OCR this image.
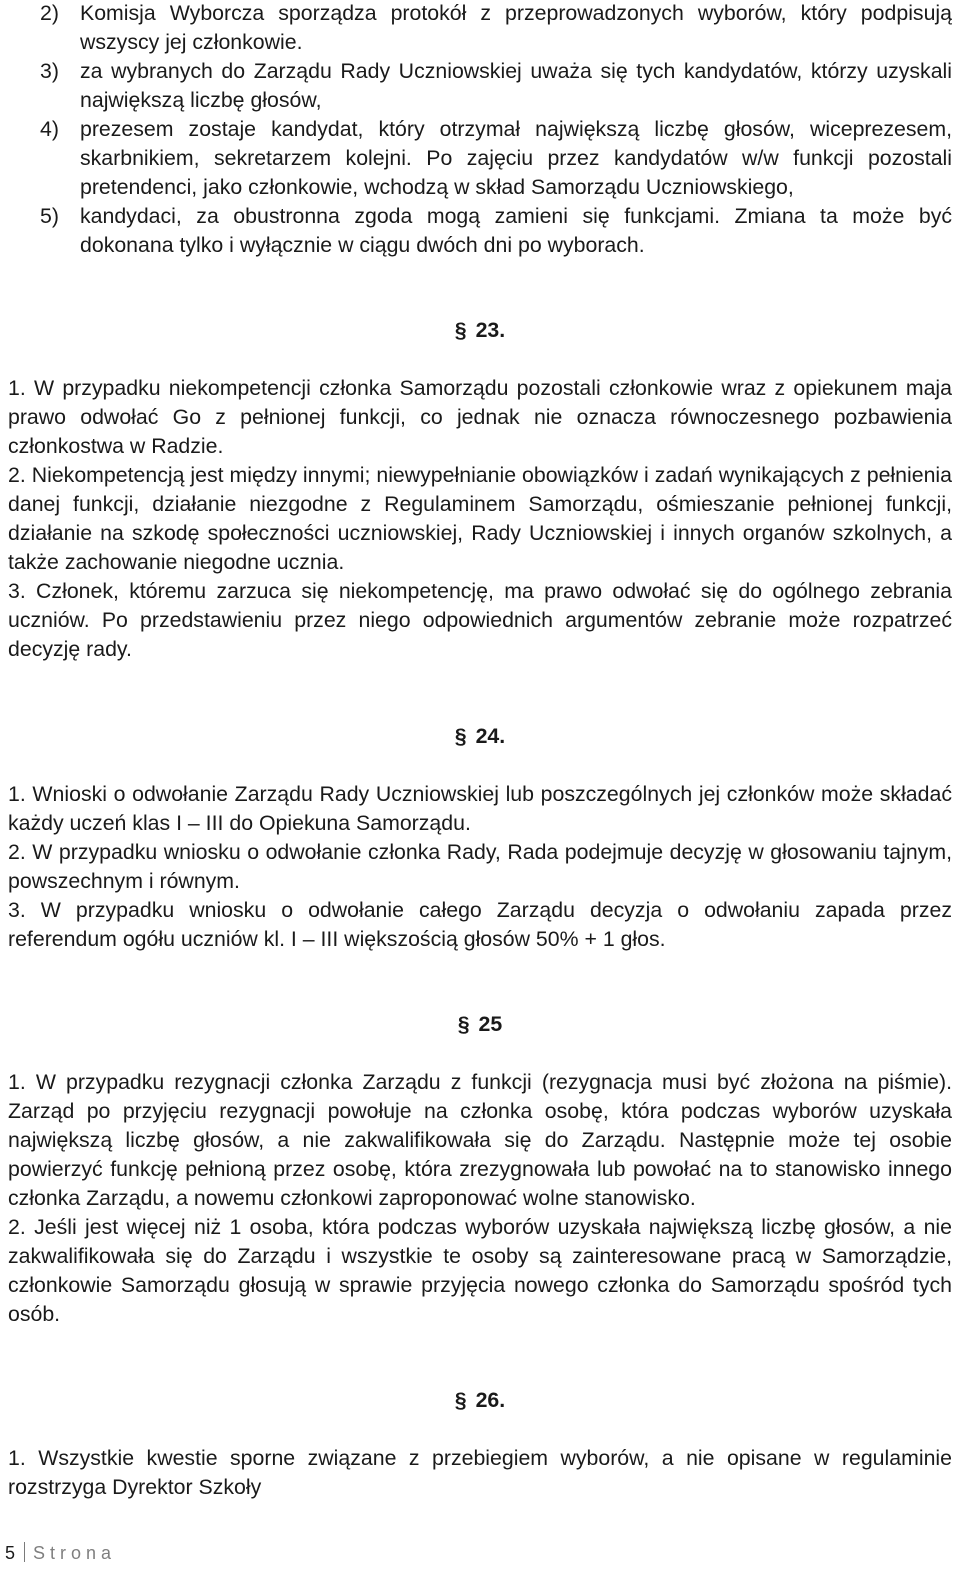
2) Komisja Wyborcza sporządza protokół z przeprowadzonych wyborów, który podpisują wszyscy jej członkowie.
3) za wybranych do Zarządu Rady Uczniowskiej uważa się tych kandydatów, którzy uzyskali największą liczbę głosów,
4) prezesem zostaje kandydat, który otrzymał największą liczbę głosów, wiceprezesem, skarbnikiem, sekretarzem kolejni. Po zajęciu przez kandydatów w/w funkcji pozostali pretendenci, jako członkowie, wchodzą w skład Samorządu Uczniowskiego,
5) kandydaci, za obustronna zgoda mogą zamieni się funkcjami. Zmiana ta może być dokonana tylko i wyłącznie w ciągu dwóch dni po wyborach.
§ 23.

1. W przypadku niekompetencji członka Samorządu pozostali członkowie wraz z opiekunem maja prawo odwołać Go z pełnionej funkcji, co jednak nie oznacza równoczesnego pozbawienia członkostwa w Radzie.

2. Niekompetencją jest między innymi; niewypełnianie obowiązków i zadań wynikających z pełnienia danej funkcji, działanie niezgodne z Regulaminem Samorządu, ośmieszanie pełnionej funkcji, działanie na szkodę społeczności uczniowskiej, Rady Uczniowskiej i innych organów szkolnych, a także zachowanie niegodne ucznia.

3. Członek, któremu zarzuca się niekompetencję, ma prawo odwołać się do ogólnego zebrania uczniów. Po przedstawieniu przez niego odpowiednich argumentów zebranie może rozpatrzeć decyzję rady.

§ 24.

1. Wnioski o odwołanie Zarządu Rady Uczniowskiej lub poszczególnych jej członków może składać każdy uczeń klas I – III do Opiekuna Samorządu.

2. W przypadku wniosku o odwołanie członka Rady, Rada podejmuje decyzję w głosowaniu tajnym, powszechnym i równym.

3. W przypadku wniosku o odwołanie całego Zarządu decyzja o odwołaniu zapada przez referendum ogółu uczniów kl. I – III większością głosów 50% + 1 głos.

§ 25

1. W przypadku rezygnacji członka Zarządu z funkcji (rezygnacja musi być złożona na piśmie). Zarząd po przyjęciu rezygnacji powołuje na członka osobę, która podczas wyborów uzyskała największą liczbę głosów, a nie zakwalifikowała się do Zarządu. Następnie może tej osobie powierzyć funkcję pełnioną przez osobę, która zrezygnowała lub powołać na to stanowisko innego członka Zarządu, a nowemu członkowi zaproponować wolne stanowisko.

2. Jeśli jest więcej niż 1 osoba, która podczas wyborów uzyskała największą liczbę głosów, a nie zakwalifikowała się do Zarządu i wszystkie te osoby są zainteresowane pracą w Samorządzie, członkowie Samorządu głosują w sprawie przyjęcia nowego członka do Samorządu spośród tych osób.

§ 26.

1. Wszystkie kwestie sporne związane z przebiegiem wyborów, a nie opisane w regulaminie rozstrzyga Dyrektor Szkoły

5 Strona
